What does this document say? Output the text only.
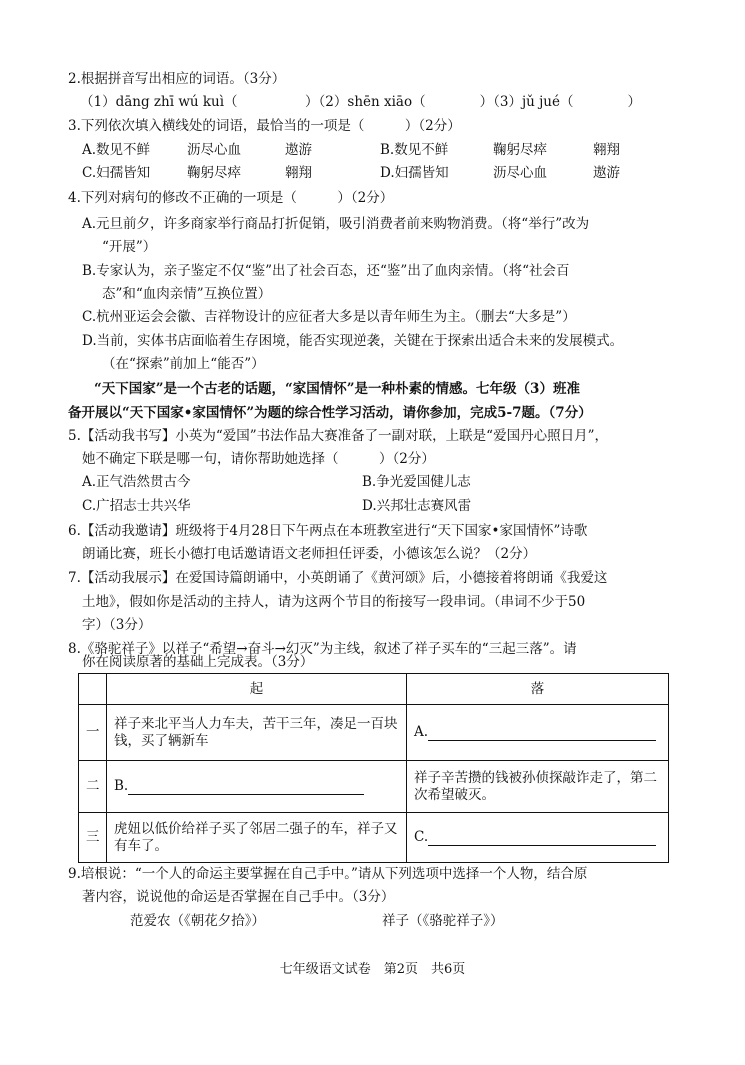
2.根据拼音写出相应的词语。（3分）
（1）dāng zhī wú kuì（　　　　　）（2）shēn xiāo（　　　　）（3）jǔ jué（　　　　）
3.下列依次填入横线处的词语，最恰当的一项是（　　　）（2分）
A.数见不鲜	沥尽心血	遨游	B.数见不鲜	鞠躬尽瘁	翱翔
C.妇孺皆知	鞠躬尽瘁	翱翔	D.妇孺皆知	沥尽心血	遨游
4.下列对病句的修改不正确的一项是（　　　）（2分）
A.元旦前夕，许多商家举行商品打折促销，吸引消费者前来购物消费。（将“举行”改为
“开展”）
B.专家认为，亲子鉴定不仅“鉴”出了社会百态，还“鉴”出了血肉亲情。（将“社会百
态”和“血肉亲情”互换位置）
C.杭州亚运会会徽、吉祥物设计的应征者大多是以青年师生为主。（删去“大多是”）
D.当前，实体书店面临着生存困境，能否实现逆袭，关键在于探索出适合未来的发展模式。
（在“探索”前加上“能否”）
“天下国家”是一个古老的话题，“家国情怀”是一种朴素的情感。七年级（3）班准
备开展以“天下国家•家国情怀”为题的综合性学习活动，请你参加，完成5-7题。（7分）
5.【活动我书写】小英为“爱国”书法作品大赛准备了一副对联，上联是“爱国丹心照日月”，
她不确定下联是哪一句，请你帮助她选择（　　　）（2分）
A.正气浩然贯古今	B.争光爱国健儿志
C.广招志士共兴华	D.兴邦壮志赛风雷
6.【活动我邀请】班级将于4月28日下午两点在本班教室进行“天下国家•家国情怀”诗歌
朗诵比赛，班长小德打电话邀请语文老师担任评委，小德该怎么说？（2分）
7.【活动我展示】在爱国诗篇朗诵中，小英朗诵了《黄河颂》后，小德接着将朗诵《我爱这
土地》，假如你是活动的主持人，请为这两个节目的衔接写一段串词。（串词不少于50
字）（3分）
8.《骆驼祥子》以祥子“希望→奋斗→幻灭”为主线，叙述了祥子买车的“三起三落”。请
你在阅读原著的基础上完成表。（3分）
	起	落
一	祥子来北平当人力车夫，苦干三年，凑足一百块钱，买了辆新车	A.
二	B.	祥子辛苦攒的钱被孙侦探敲诈走了，第二次希望破灭。
三	虎妞以低价给祥子买了邻居二强子的车，祥子又有车了。	C.
9.培根说：“一个人的命运主要掌握在自己手中。”请从下列选项中选择一个人物，结合原
著内容，说说他的命运是否掌握在自己手中。（3分）
范爱农（《朝花夕拾》）	祥子（《骆驼祥子》）
七年级语文试卷　第2页　共6页
